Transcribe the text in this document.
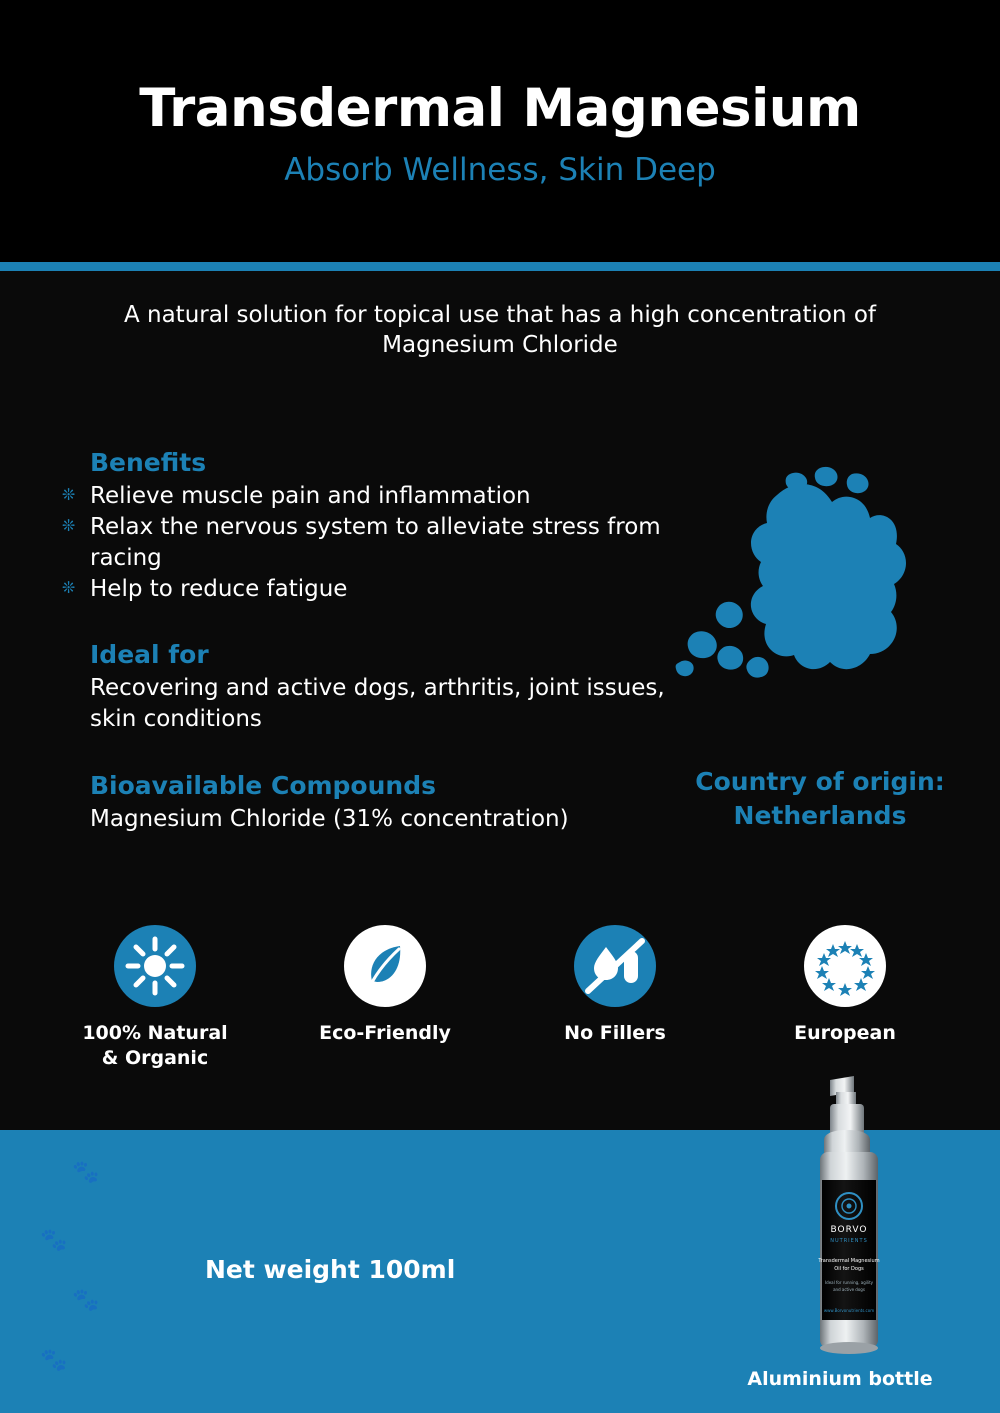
Transdermal Magnesium
Absorb Wellness, Skin Deep
A natural solution for topical use that has a high concentration of Magnesium Chloride
Benefits
❊ Relieve muscle pain and inflammation
❊ Relax the nervous system to alleviate stress from racing
❊ Help to reduce fatigue
Ideal for
Recovering and active dogs, arthritis, joint issues, skin conditions
Bioavailable Compounds
Magnesium Chloride (31% concentration)
Country of origin:
Netherlands
100% Natural
& Organic
Eco-Friendly	No Fillers	European
🐾
🐾
🐾
🐾
Net weight 100ml
BORVO
NUTRIENTS
Transdermal Magnesium
Oil for Dogs
Ideal for running, agility
and active dogs
www.Borvonutrients.com
Aluminium bottle
